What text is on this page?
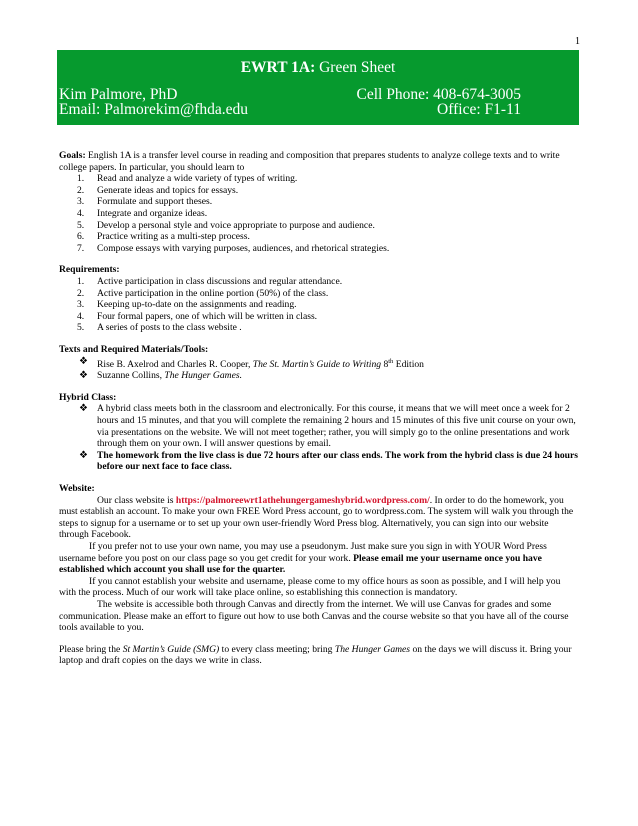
1
EWRT 1A: Green Sheet
Kim Palmore, PhD	Cell Phone: 408-674-3005
Email: Palmorekim@fhda.edu	Office: F1-11

Goals: English 1A is a transfer level course in reading and composition that prepares students to analyze college texts and to write college papers. In particular, you should learn to

1. Read and analyze a wide variety of types of writing.
2. Generate ideas and topics for essays.
3. Formulate and support theses.
4. Integrate and organize ideas.
5. Develop a personal style and voice appropriate to purpose and audience.
6. Practice writing as a multi-step process.
7. Compose essays with varying purposes, audiences, and rhetorical strategies.

Requirements:

1. Active participation in class discussions and regular attendance.
2. Active participation in the online portion (50%) of the class.
3. Keeping up-to-date on the assignments and reading.
4. Four formal papers, one of which will be written in class.
5. A series of posts to the class website .

Texts and Required Materials/Tools:

❖ Rise B. Axelrod and Charles R. Cooper, The St. Martin’s Guide to Writing 8th Edition
❖ Suzanne Collins, The Hunger Games.

Hybrid Class:

❖ A hybrid class meets both in the classroom and electronically. For this course, it means that we will meet once a week for 2 hours and 15 minutes, and that you will complete the remaining 2 hours and 15 minutes of this five unit course on your own, via presentations on the website. We will not meet together; rather, you will simply go to the online presentations and work through them on your own. I will answer questions by email.
❖ The homework from the live class is due 72 hours after our class ends. The work from the hybrid class is due 24 hours before our next face to face class.

Website:

Our class website is https://palmoreewrt1athehungergameshybrid.wordpress.com/. In order to do the homework, you must establish an account. To make your own FREE Word Press account, go to wordpress.com. The system will walk you through the steps to signup for a username or to set up your own user-friendly Word Press blog. Alternatively, you can sign into our website through Facebook.

If you prefer not to use your own name, you may use a pseudonym. Just make sure you sign in with YOUR Word Press username before you post on our class page so you get credit for your work. Please email me your username once you have established which account you shall use for the quarter.

If you cannot establish your website and username, please come to my office hours as soon as possible, and I will help you with the process. Much of our work will take place online, so establishing this connection is mandatory.

The website is accessible both through Canvas and directly from the internet. We will use Canvas for grades and some communication. Please make an effort to figure out how to use both Canvas and the course website so that you have all of the course tools available to you.

Please bring the St Martin’s Guide (SMG) to every class meeting; bring The Hunger Games on the days we will discuss it. Bring your laptop and draft copies on the days we write in class.
